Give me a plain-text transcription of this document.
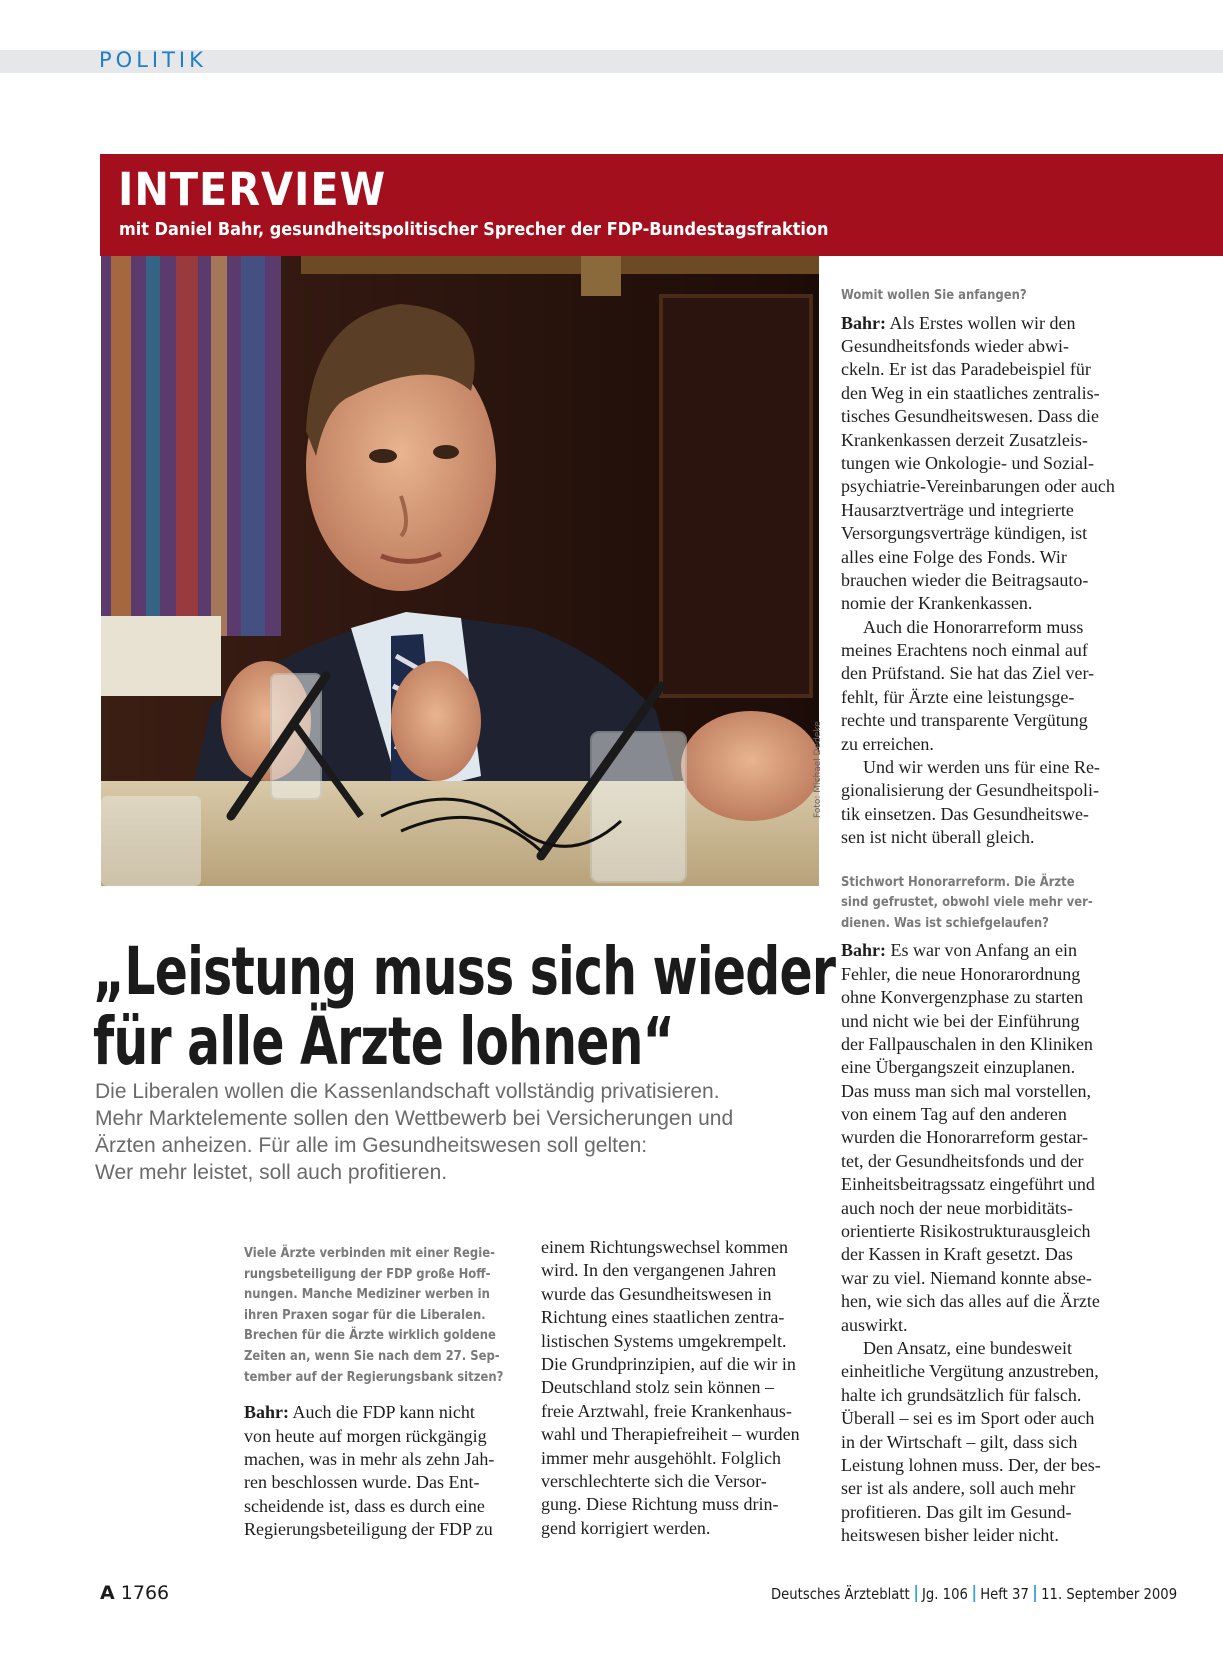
POLITIK
INTERVIEW
mit Daniel Bahr, gesundheitspolitischer Sprecher der FDP-Bundestagsfraktion
Foto: Michael Dedeke
„Leistung muss sich wieder
für alle Ärzte lohnen“
Die Liberalen wollen die Kassenlandschaft vollständig privatisieren.
Mehr Marktelemente sollen den Wettbewerb bei Versicherungen und
Ärzten anheizen. Für alle im Gesundheitswesen soll gelten:
Wer mehr leistet, soll auch profitieren.
Viele Ärzte verbinden mit einer Regie-
rungsbeteiligung der FDP große Hoff-
nungen. Manche Mediziner werben in
ihren Praxen sogar für die Liberalen.
Brechen für die Ärzte wirklich goldene
Zeiten an, wenn Sie nach dem 27. Sep-
tember auf der Regierungsbank sitzen?
Bahr: Auch die FDP kann nicht
von heute auf morgen rückgängig
machen, was in mehr als zehn Jah-
ren beschlossen wurde. Das Ent-
scheidende ist, dass es durch eine
Regierungsbeteiligung der FDP zu
einem Richtungswechsel kommen
wird. In den vergangenen Jahren
wurde das Gesundheitswesen in
Richtung eines staatlichen zentra-
listischen Systems umgekrempelt.
Die Grundprinzipien, auf die wir in
Deutschland stolz sein können –
freie Arztwahl, freie Krankenhaus-
wahl und Therapiefreiheit – wurden
immer mehr ausgehöhlt. Folglich
verschlechterte sich die Versor-
gung. Diese Richtung muss drin-
gend korrigiert werden.
Womit wollen Sie anfangen?
Bahr: Als Erstes wollen wir den
Gesundheitsfonds wieder abwi-
ckeln. Er ist das Paradebeispiel für
den Weg in ein staatliches zentralis-
tisches Gesundheitswesen. Dass die
Krankenkassen derzeit Zusatzleis-
tungen wie Onkologie- und Sozial-
psychiatrie-Vereinbarungen oder auch
Hausarztverträge und integrierte
Versorgungsverträge kündigen, ist
alles eine Folge des Fonds. Wir
brauchen wieder die Beitragsauto-
nomie der Krankenkassen.
Auch die Honorarreform muss
meines Erachtens noch einmal auf
den Prüfstand. Sie hat das Ziel ver-
fehlt, für Ärzte eine leistungsge-
rechte und transparente Vergütung
zu erreichen.
Und wir werden uns für eine Re-
gionalisierung der Gesundheitspoli-
tik einsetzen. Das Gesundheitswe-
sen ist nicht überall gleich.
Stichwort Honorarreform. Die Ärzte
sind gefrustet, obwohl viele mehr ver-
dienen. Was ist schiefgelaufen?
Bahr: Es war von Anfang an ein
Fehler, die neue Honorarordnung
ohne Konvergenzphase zu starten
und nicht wie bei der Einführung
der Fallpauschalen in den Kliniken
eine Übergangszeit einzuplanen.
Das muss man sich mal vorstellen,
von einem Tag auf den anderen
wurden die Honorarreform gestar-
tet, der Gesundheitsfonds und der
Einheitsbeitragssatz eingeführt und
auch noch der neue morbiditäts-
orientierte Risikostrukturausgleich
der Kassen in Kraft gesetzt. Das
war zu viel. Niemand konnte abse-
hen, wie sich das alles auf die Ärzte
auswirkt.
Den Ansatz, eine bundesweit
einheitliche Vergütung anzustreben,
halte ich grundsätzlich für falsch.
Überall – sei es im Sport oder auch
in der Wirtschaft – gilt, dass sich
Leistung lohnen muss. Der, der bes-
ser ist als andere, soll auch mehr
profitieren. Das gilt im Gesund-
heitswesen bisher leider nicht.
A 1766	Deutsches Ärzteblatt Jg. 106 Heft 37 11. September 2009
